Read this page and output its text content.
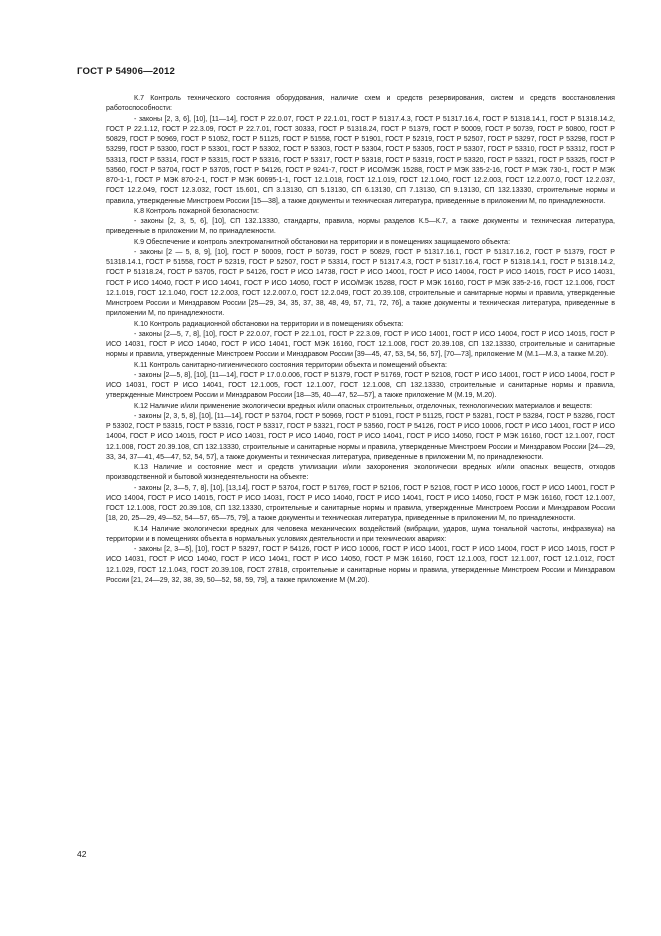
ГОСТ Р 54906—2012

К.7 Контроль технического состояния оборудования, наличие схем и средств резервирования, систем и средств восстановления работоспособности:

- законы [2, 3, 6], [10], [11—14], ГОСТ Р 22.0.07, ГОСТ Р 22.1.01, ГОСТ Р 51317.4.3, ГОСТ Р 51317.16.4, ГОСТ Р 51318.14.1, ГОСТ Р 51318.14.2, ГОСТ Р 22.1.12, ГОСТ Р 22.3.09, ГОСТ Р 22.7.01, ГОСТ 30333, ГОСТ Р 51318.24, ГОСТ Р 51379, ГОСТ Р 50009, ГОСТ Р 50739, ГОСТ Р 50800, ГОСТ Р 50829, ГОСТ Р 50969, ГОСТ Р 51052, ГОСТ Р 51125, ГОСТ Р 51558, ГОСТ Р 51901, ГОСТ Р 52319, ГОСТ Р 52507, ГОСТ Р 53297, ГОСТ Р 53298, ГОСТ Р 53299, ГОСТ Р 53300, ГОСТ Р 53301, ГОСТ Р 53302, ГОСТ Р 53303, ГОСТ Р 53304, ГОСТ Р 53305, ГОСТ Р 53307, ГОСТ Р 53310, ГОСТ Р 53312, ГОСТ Р 53313, ГОСТ Р 53314, ГОСТ Р 53315, ГОСТ Р 53316, ГОСТ Р 53317, ГОСТ Р 53318, ГОСТ Р 53319, ГОСТ Р 53320, ГОСТ Р 53321, ГОСТ Р 53325, ГОСТ Р 53560, ГОСТ Р 53704, ГОСТ Р 53705, ГОСТ Р 54126, ГОСТ Р 9241-7, ГОСТ Р ИСО/МЭК 15288, ГОСТ Р МЭК 335-2-16, ГОСТ Р МЭК 730-1, ГОСТ Р МЭК 870-1-1, ГОСТ Р МЭК 870-2-1, ГОСТ Р МЭК 60695-1-1, ГОСТ 12.1.018, ГОСТ 12.1.019, ГОСТ 12.1.040, ГОСТ 12.2.003, ГОСТ 12.2.007.0, ГОСТ 12.2.037, ГОСТ 12.2.049, ГОСТ 12.3.032, ГОСТ 15.601, СП 3.13130, СП 5.13130, СП 6.13130, СП 7.13130, СП 9.13130, СП 132.13330, строительные нормы и правила, утвержденные Минстроем России [15—38], а также документы и техническая литература, приведенные в приложении М, по принадлежности.

К.8 Контроль пожарной безопасности:

- законы [2, 3, 5, 6], [10], СП 132.13330, стандарты, правила, нормы разделов К.5—К.7, а также документы и техническая литература, приведенные в приложении М, по принадлежности.

К.9 Обеспечение и контроль электромагнитной обстановки на территории и в помещениях защищаемого объекта:

- законы [2 — 5, 8, 9], [10], ГОСТ Р 50009, ГОСТ Р 50739, ГОСТ Р 50829, ГОСТ Р 51317.16.1, ГОСТ Р 51317.16.2, ГОСТ Р 51379, ГОСТ Р 51318.14.1, ГОСТ Р 51558, ГОСТ Р 52319, ГОСТ Р 52507, ГОСТ Р 53314, ГОСТ Р 51317.4.3, ГОСТ Р 51317.16.4, ГОСТ Р 51318.14.1, ГОСТ Р 51318.14.2, ГОСТ Р 51318.24, ГОСТ Р 53705, ГОСТ Р 54126, ГОСТ Р ИСО 14738, ГОСТ Р ИСО 14001, ГОСТ Р ИСО 14004, ГОСТ Р ИСО 14015, ГОСТ Р ИСО 14031, ГОСТ Р ИСО 14040, ГОСТ Р ИСО 14041, ГОСТ Р ИСО 14050, ГОСТ Р ИСО/МЭК 15288, ГОСТ Р МЭК 16160, ГОСТ Р МЭК 335-2-16, ГОСТ 12.1.006, ГОСТ 12.1.019, ГОСТ 12.1.040, ГОСТ 12.2.003, ГОСТ 12.2.007.0, ГОСТ 12.2.049, ГОСТ 20.39.108, строительные и санитарные нормы и правила, утвержденные Минстроем России и Минздравом России [25—29, 34, 35, 37, 38, 48, 49, 57, 71, 72, 76], а также документы и техническая литература, приведенные в приложении М, по принадлежности.

К.10 Контроль радиационной обстановки на территории и в помещениях объекта:

- законы [2—5, 7, 8], [10], ГОСТ Р 22.0.07, ГОСТ Р 22.1.01, ГОСТ Р 22.3.09, ГОСТ Р ИСО 14001, ГОСТ Р ИСО 14004, ГОСТ Р ИСО 14015, ГОСТ Р ИСО 14031, ГОСТ Р ИСО 14040, ГОСТ Р ИСО 14041, ГОСТ МЭК 16160, ГОСТ 12.1.008, ГОСТ 20.39.108, СП 132.13330, строительные и санитарные нормы и правила, утвержденные Минстроем России и Минздравом России [39—45, 47, 53, 54, 56, 57], [70—73], приложение М (М.1—М.3, а также М.20).

К.11 Контроль санитарно-гигиенического состояния территории объекта и помещений объекта:

- законы [2—5, 8], [10], [11—14], ГОСТ Р 17.0.0.006, ГОСТ Р 51379, ГОСТ Р 51769, ГОСТ Р 52108, ГОСТ Р ИСО 14001, ГОСТ Р ИСО 14004, ГОСТ Р ИСО 14031, ГОСТ Р ИСО 14041, ГОСТ 12.1.005, ГОСТ 12.1.007, ГОСТ 12.1.008, СП 132.13330, строительные и санитарные нормы и правила, утвержденные Минстроем России и Минздравом России [18—35, 40—47, 52—57], а также приложение М (М.19, М.20).

К.12 Наличие и/или применение экологически вредных и/или опасных строительных, отделочных, технологических материалов и веществ:

- законы [2, 3, 5, 8], [10], [11—14], ГОСТ Р 53704, ГОСТ Р 50969, ГОСТ Р 51091, ГОСТ Р 51125, ГОСТ Р 53281, ГОСТ Р 53284, ГОСТ Р 53286, ГОСТ Р 53302, ГОСТ Р 53315, ГОСТ Р 53316, ГОСТ Р 53317, ГОСТ Р 53321, ГОСТ Р 53560, ГОСТ Р 54126, ГОСТ Р ИСО 10006, ГОСТ Р ИСО 14001, ГОСТ Р ИСО 14004, ГОСТ Р ИСО 14015, ГОСТ Р ИСО 14031, ГОСТ Р ИСО 14040, ГОСТ Р ИСО 14041, ГОСТ Р ИСО 14050, ГОСТ Р МЭК 16160, ГОСТ 12.1.007, ГОСТ 12.1.008, ГОСТ 20.39.108, СП 132.13330, строительные и санитарные нормы и правила, утвержденные Минстроем России и Минздравом России [24—29, 33, 34, 37—41, 45—47, 52, 54, 57], а также документы и техническая литература, приведенные в приложении М, по принадлежности.

К.13 Наличие и состояние мест и средств утилизации и/или захоронения экологически вредных и/или опасных веществ, отходов производственной и бытовой жизнедеятельности на объекте:

- законы [2, 3—5, 7, 8], [10], [13,14], ГОСТ Р 53704, ГОСТ Р 51769, ГОСТ Р 52106, ГОСТ Р 52108, ГОСТ Р ИСО 10006, ГОСТ Р ИСО 14001, ГОСТ Р ИСО 14004, ГОСТ Р ИСО 14015, ГОСТ Р ИСО 14031, ГОСТ Р ИСО 14040, ГОСТ Р ИСО 14041, ГОСТ Р ИСО 14050, ГОСТ Р МЭК 16160, ГОСТ 12.1.007, ГОСТ 12.1.008, ГОСТ 20.39.108, СП 132.13330, строительные и санитарные нормы и правила, утвержденные Минстроем России и Минздравом России [18, 20, 25—29, 49—52, 54—57, 65—75, 79], а также документы и техническая литература, приведенные в приложении М, по принадлежности.

К.14 Наличие экологически вредных для человека механических воздействий (вибрации, ударов, шума тональной частоты, инфразвука) на территории и в помещениях объекта в нормальных условиях деятельности и при технических авариях:

- законы [2, 3—5], [10], ГОСТ Р 53297, ГОСТ Р 54126, ГОСТ Р ИСО 10006, ГОСТ Р ИСО 14001, ГОСТ Р ИСО 14004, ГОСТ Р ИСО 14015, ГОСТ Р ИСО 14031, ГОСТ Р ИСО 14040, ГОСТ Р ИСО 14041, ГОСТ Р ИСО 14050, ГОСТ Р МЭК 16160, ГОСТ 12.1.003, ГОСТ 12.1.007, ГОСТ 12.1.012, ГОСТ 12.1.029, ГОСТ 12.1.043, ГОСТ 20.39.108, ГОСТ 27818, строительные и санитарные нормы и правила, утвержденные Минстроем России и Минздравом России [21, 24—29, 32, 38, 39, 50—52, 58, 59, 79], а также приложение М (М.20).

42
